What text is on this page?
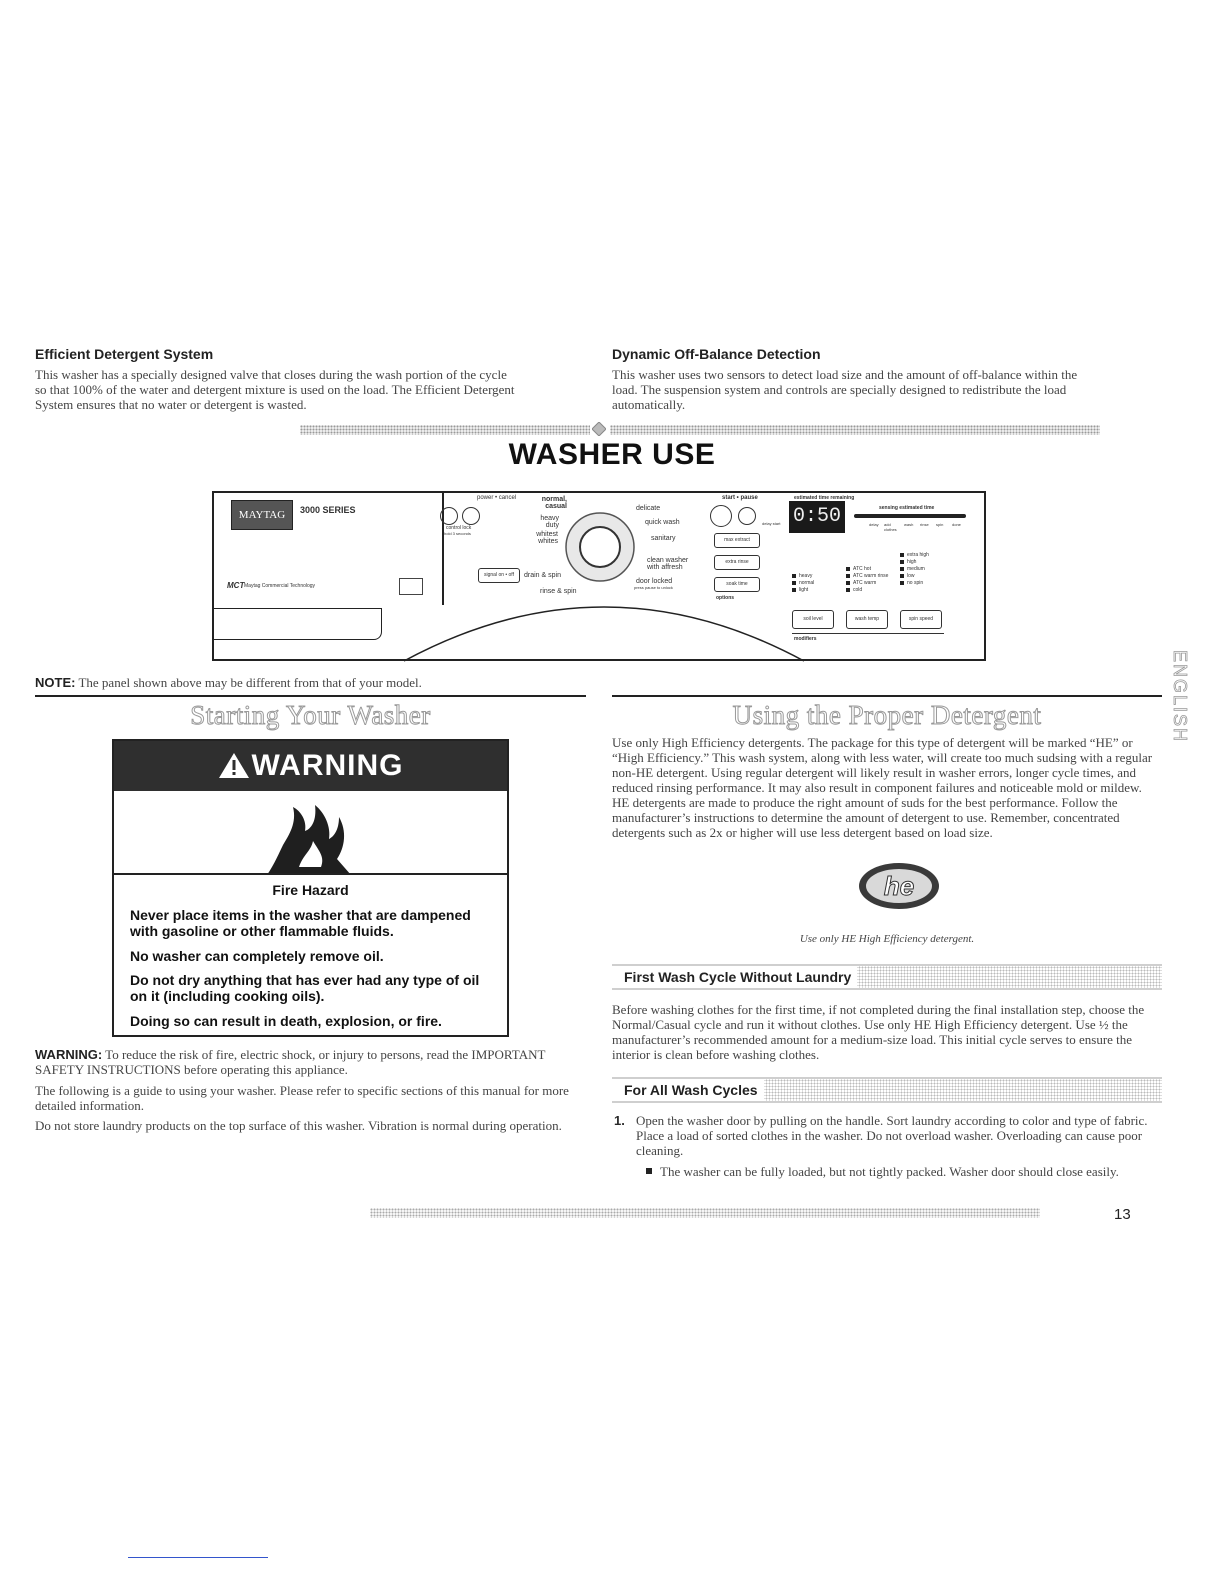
Efficient Detergent System

This washer has a specially designed valve that closes during the wash portion of the cycle
so that 100% of the water and detergent mixture is used on the load. The Efficient Detergent
System ensures that no water or detergent is wasted.

Dynamic Off-Balance Detection

This washer uses two sensors to detect load size and the amount of off-balance within the
load. The suspension system and controls are specially designed to redistribute the load
automatically.

WASHER USE
MAYTAG	3000 SERIES
MCT Maytag Commercial Technology
power • cancel
control lock
hold 3 seconds
signal on • off
normal, casual
heavy duty
whitest whites
drain & spin
rinse & spin
delicate
quick wash
sanitary
clean washer with affresh
door locked
press pause to unlock
start • pause
delay start
max extract
extra rinse
soak time
options
estimated time remaining
0:50	sensing estimated time
delay add clothes
wash rinse spin done
heavy
normal
light
ATC hot
ATC warm rinse
ATC warm
cold
extra high
high
medium
low
no spin
soil level	wash temp	spin speed
modifiers
NOTE: The panel shown above may be different from that of your model.	ENGLISH
Starting Your Washer
WARNING
Fire Hazard
Never place items in the washer that are dampened with gasoline or other flammable fluids.
No washer can completely remove oil.
Do not dry anything that has ever had any type of oil on it (including cooking oils).
Doing so can result in death, explosion, or fire.

WARNING: To reduce the risk of fire, electric shock, or injury to persons, read the IMPORTANT SAFETY INSTRUCTIONS before operating this appliance.

The following is a guide to using your washer. Please refer to specific sections of this manual for more detailed information.

Do not store laundry products on the top surface of this washer. Vibration is normal during operation.

Using the Proper Detergent

Use only High Efficiency detergents. The package for this type of detergent will be marked “HE” or “High Efficiency.” This wash system, along with less water, will create too much sudsing with a regular non-HE detergent. Using regular detergent will likely result in washer errors, longer cycle times, and reduced rinsing performance. It may also result in component failures and noticeable mold or mildew. HE detergents are made to produce the right amount of suds for the best performance. Follow the manufacturer’s instructions to determine the amount of detergent to use. Remember, concentrated detergents such as 2x or higher will use less detergent based on load size.

he
Use only HE High Efficiency detergent.
First Wash Cycle Without Laundry

Before washing clothes for the first time, if not completed during the final installation step, choose the Normal/Casual cycle and run it without clothes. Use only HE High Efficiency detergent. Use ½ the manufacturer’s recommended amount for a medium-size load. This initial cycle serves to ensure the interior is clean before washing clothes.

For All Wash Cycles
1. Open the washer door by pulling on the handle. Sort laundry according to color and type of fabric. Place a load of sorted clothes in the washer. Do not overload washer. Overloading can cause poor cleaning.

The washer can be fully loaded, but not tightly packed. Washer door should close easily.

13
